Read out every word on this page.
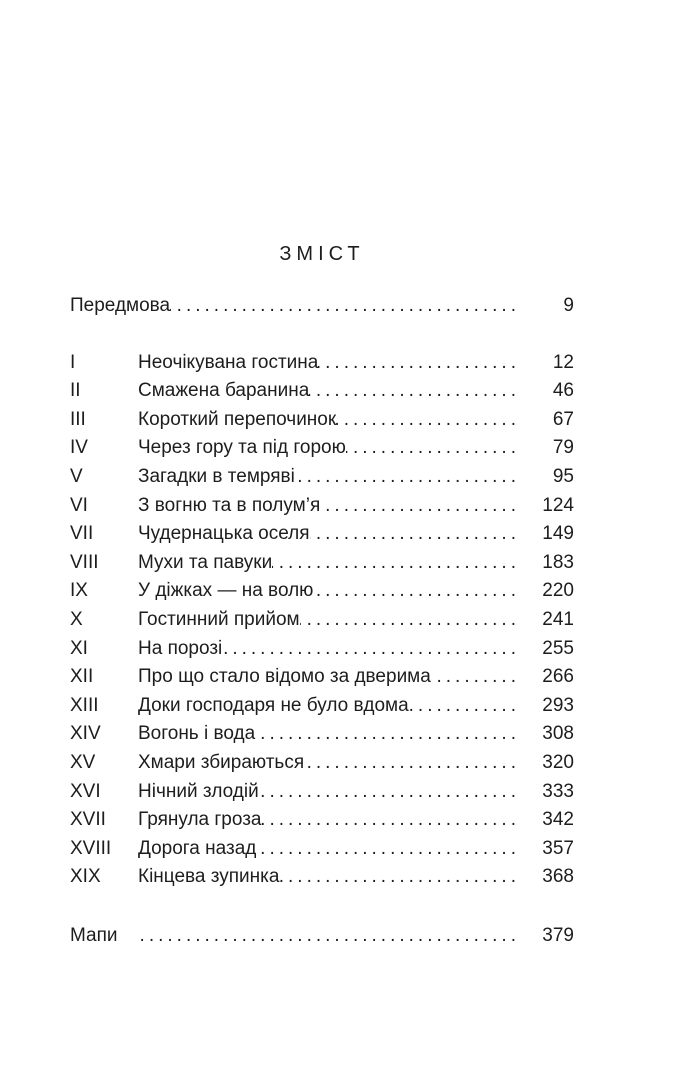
ЗМІСТ
Передмова .....	9
I	Неочікувана гостина .....	12
II	Смажена баранина .....	46
III	Короткий перепочинок .....	67
IV	Через гору та під горою .....	79
V	Загадки в темряві .....	95
VI	З вогню та в полум’я .....	124
VII	Чудернацька оселя .....	149
VIII	Мухи та павуки .....	183
IX	У діжках — на волю .....	220
X	Гостинний прийом .....	241
XI	На порозі .....	255
XII	Про що стало відомо за дверима .....	266
XIII	Доки господаря не було вдома .....	293
XIV	Вогонь і вода .....	308
XV	Хмари збираються .....	320
XVI	Нічний злодій .....	333
XVII	Грянула гроза .....	342
XVIII	Дорога назад .....	357
XIX	Кінцева зупинка .....	368
Мапи .....	379
